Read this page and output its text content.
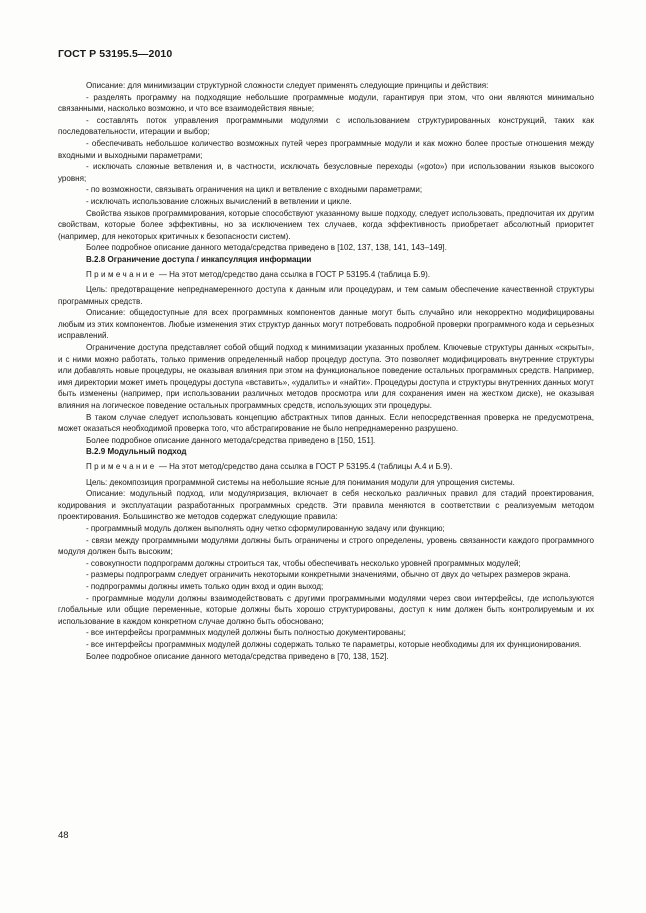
ГОСТ Р 53195.5—2010

Описание: для минимизации структурной сложности следует применять следующие принципы и действия:

- разделять программу на подходящие небольшие программные модули, гарантируя при этом, что они являются минимально связанными, насколько возможно, и что все взаимодействия явные;

- составлять поток управления программными модулями с использованием структурированных конструкций, таких как последовательности, итерации и выбор;

- обеспечивать небольшое количество возможных путей через программные модули и как можно более простые отношения между входными и выходными параметрами;

- исключать сложные ветвления и, в частности, исключать безусловные переходы («goto») при использовании языков высокого уровня;

- по возможности, связывать ограничения на цикл и ветвление с входными параметрами;

- исключать использование сложных вычислений в ветвлении и цикле.

Свойства языков программирования, которые способствуют указанному выше подходу, следует использовать, предпочитая их другим свойствам, которые более эффективны, но за исключением тех случаев, когда эффективность приобретает абсолютный приоритет (например, для некоторых критичных к безопасности систем).

Более подробное описание данного метода/средства приведено в [102, 137, 138, 141, 143–149].

B.2.8 Ограничение доступа / инкапсуляция информации

Примечание — На этот метод/средство дана ссылка в ГОСТ Р 53195.4 (таблица Б.9).

Цель: предотвращение непреднамеренного доступа к данным или процедурам, и тем самым обеспечение качественной структуры программных средств.

Описание: общедоступные для всех программных компонентов данные могут быть случайно или некорректно модифицированы любым из этих компонентов. Любые изменения этих структур данных могут потребовать подробной проверки программного кода и серьезных исправлений.

Ограничение доступа представляет собой общий подход к минимизации указанных проблем. Ключевые структуры данных «скрыты», и с ними можно работать, только применив определенный набор процедур доступа. Это позволяет модифицировать внутренние структуры или добавлять новые процедуры, не оказывая влияния при этом на функциональное поведение остальных программных средств. Например, имя директории может иметь процедуры доступа «вставить», «удалить» и «найти». Процедуры доступа и структуры внутренних данных могут быть изменены (например, при использовании различных методов просмотра или для сохранения имен на жестком диске), не оказывая влияния на логическое поведение остальных программных средств, использующих эти процедуры.

В таком случае следует использовать концепцию абстрактных типов данных. Если непосредственная проверка не предусмотрена, может оказаться необходимой проверка того, что абстрагирование не было непреднамеренно разрушено.

Более подробное описание данного метода/средства приведено в [150, 151].

B.2.9 Модульный подход

Примечание — На этот метод/средство дана ссылка в ГОСТ Р 53195.4 (таблицы А.4 и Б.9).

Цель: декомпозиция программной системы на небольшие ясные для понимания модули для упрощения системы.

Описание: модульный подход, или модуляризация, включает в себя несколько различных правил для стадий проектирования, кодирования и эксплуатации разработанных программных средств. Эти правила меняются в соответствии с реализуемым методом проектирования. Большинство же методов содержат следующие правила:

- программный модуль должен выполнять одну четко сформулированную задачу или функцию;

- связи между программными модулями должны быть ограничены и строго определены, уровень связанности каждого программного модуля должен быть высоким;

- совокупности подпрограмм должны строиться так, чтобы обеспечивать несколько уровней программных модулей;

- размеры подпрограмм следует ограничить некоторыми конкретными значениями, обычно от двух до четырех размеров экрана.

- подпрограммы должны иметь только один вход и один выход;

- программные модули должны взаимодействовать с другими программными модулями через свои интерфейсы, где используются глобальные или общие переменные, которые должны быть хорошо структурированы, доступ к ним должен быть контролируемым и их использование в каждом конкретном случае должно быть обосновано;

- все интерфейсы программных модулей должны быть полностью документированы;

- все интерфейсы программных модулей должны содержать только те параметры, которые необходимы для их функционирования.

Более подробное описание данного метода/средства приведено в [70, 138, 152].

48
